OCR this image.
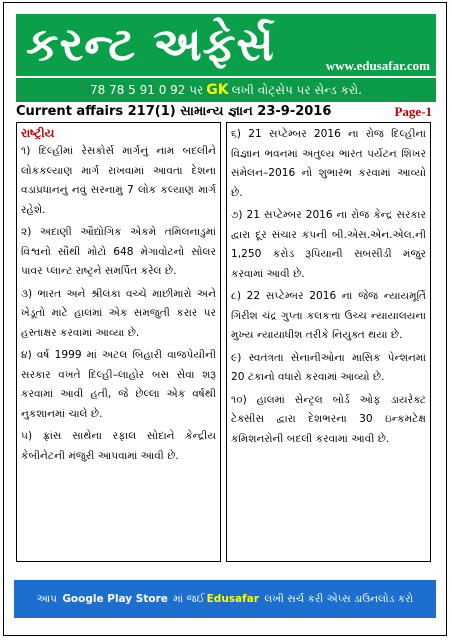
કરન્ટ અફેર્સ	www.edusafar.com
78 78 5 91 0 92 પર GK લખી વોટ્સેપ પર સેન્ડ કરો.
Current affairs 217(1) સામાન્ય જ્ઞાન 23-9-2016	Page-1
રાષ્ટ્રીય

૧) દિલ્હીમાં રેસકોર્સ માર્ગનું નામ બદલીને લોકકલ્યાણ માર્ગ રાખવામાં આવતા દેશના વડાપ્રધાનનું નવું સરનામું 7 લોક કલ્યાણ માર્ગ રહેશે.

૨) અદાણી ઔદ્યોગિક એકમે તમિલનાડુમાં વિશ્વનો સૌથી મોટો 648 મેગાવોટનો સોલર પાવર પ્લાન્ટ રાષ્ટ્રને સમર્પિત કરેલ છે.

૩) ભારત અને શ્રીલંકા વચ્ચે માછીમારો અને ખેડૂતો માટે હાલમાં એક સમજુતી કરાર પર હસ્તાક્ષર કરવામાં આવ્યા છે.

૪) વર્ષ 1999 માં અટલ બિહારી વાજપેયીની સરકાર વખતે દિલ્હી–લાહોર બસ સેવા શરૂ કરવામાં આવી હતી, જે છેલ્લા એક વર્ષથી નુકશાનમાં ચાલે છે.

૫) ફ્રાંસ સાથેના રફાલ સોદાને કેન્દ્રીય કેબીનેટની મંજુરી આપવામાં આવી છે.

૬) 21 સપ્ટેમ્બર 2016 ના રોજ દિલ્હીના વિજ્ઞાન ભવનમાં અતુલ્ય ભારત પર્યટન શિખર સંમેલન–2016 નો શુભારંભ કરવામાં આવ્યો છે.

૭) 21 સપ્ટેમ્બર 2016 ના રોજ કેન્દ્ર સરકાર દ્વારા દૂર સંચાર કંપની બી.એસ.એન.એલ.ની 1,250 કરોડ રૂપિયાની સબસીડી મંજુર કરવામાં આવી છે.

૮) 22 સપ્ટેમ્બર 2016 ના જેજ ન્યાયમૂર્તિ ગિરીશ ચંદ્ર ગુપ્તા કલકત્તા ઉચ્ચ ન્યાયાલયના મુખ્ય ન્યાયાધીશ તરીકે નિયુક્ત થયા છે.

૯) સ્વતંત્રતા સેનાનીઓના માસિક પેન્શનમાં 20 ટકાનો વધારો કરવામાં આવ્યો છે.

૧૦) હાલમાં સેન્ટ્રલ બોર્ડ ઓફ ડાયરેક્ટ ટેક્સીસ દ્વારા દેશભરના 30 ઇન્કમટેક્ષ કમિશનરોની બદલી કરવામાં આવી છે.

આપ
Google Play Store
માં જઈ Edusafar
લખી સર્ચ કરી એપ્સ ડાઉનલોડ કરો
